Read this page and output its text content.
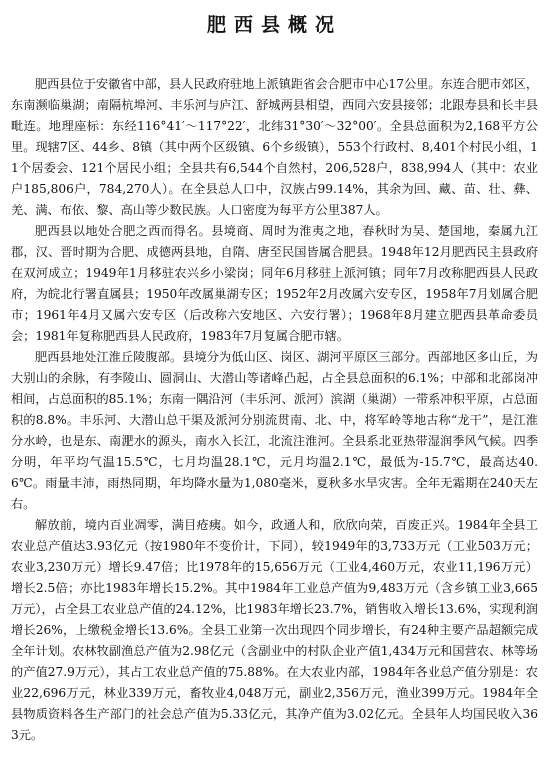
肥西县概况

肥西县位于安徽省中部，县人民政府驻地上派镇距省会合肥市中心17公里。东连合肥市郊区，东南濒临巢湖；南隔杭埠河、丰乐河与庐江、舒城两县相望，西同六安县接邻；北跟寿县和长丰县毗连。地理座标：东经116°41′～117°22′，北纬31°30′～32°00′。全县总面积为2,168平方公里。现辖7区、44乡、8镇（其中两个区级镇、6个乡级镇），553个行政村、8,401个村民小组，11个居委会、121个居民小组；全县共有6,544个自然村，206,528户，838,994人（其中：农业户185,806户，784,270人）。在全县总人口中，汉族占99.14%，其余为回、藏、苗、壮、彝、羌、满、布依、黎、高山等少数民族。人口密度为每平方公里387人。

肥西县以地处合肥之西而得名。县境商、周时为淮夷之地，春秋时为吴、楚国地，秦属九江郡，汉、晋时期为合肥、成德两县地，自隋、唐至民国皆属合肥县。1948年12月肥西民主县政府在双河成立；1949年1月移驻农兴乡小梁岗；同年6月移驻上派河镇；同年7月改称肥西县人民政府，为皖北行署直属县；1950年改属巢湖专区；1952年2月改属六安专区，1958年7月划属合肥市；1961年4月又属六安专区（后改称六安地区、六安行署）；1968年8月建立肥西县革命委员会；1981年复称肥西县人民政府，1983年7月复属合肥市辖。

肥西县地处江淮丘陵腹部。县境分为低山区、岗区、湖河平原区三部分。西部地区多山丘，为大别山的余脉，有李陵山、圆洞山、大潜山等诸峰凸起，占全县总面积的6.1%；中部和北部岗冲相间，占总面积的85.1%；东南一隅沿河（丰乐河、派河）滨湖（巢湖）一带系冲积平原，占总面积的8.8%。丰乐河、大潜山总干渠及派河分别流贯南、北、中，将军岭等地古称“龙干”，是江淮分水岭，也是东、南淝水的源头，南水入长江，北流注淮河。全县系北亚热带湿润季风气候。四季分明，年平均气温15.5℃，七月均温28.1℃，元月均温2.1℃，最低为-15.7℃，最高达40.6℃。雨量丰沛，雨热同期，年均降水量为1,080毫米，夏秋多水旱灾害。全年无霜期在240天左右。

解放前，境内百业凋零，满目疮痍。如今，政通人和，欣欣向荣，百废正兴。1984年全县工农业总产值达3.93亿元（按1980年不变价计，下同），较1949年的3,733万元（工业503万元；农业3,230万元）增长9.47倍；比1978年的15,656万元（工业4,460万元，农业11,196万元）增长2.5倍；亦比1983年增长15.2%。其中1984年工业总产值为9,483万元（含乡镇工业3,665万元），占全县工农业总产值的24.12%，比1983年增长23.7%，销售收入增长13.6%，实现利润增长26%，上缴税金增长13.6%。全县工业第一次出现四个同步增长，有24种主要产品超额完成全年计划。农林牧副渔总产值为2.98亿元（含副业中的村队企业产值1,434万元和国营农、林等场的产值27.9万元），其占工农业总产值的75.88%。在大农业内部，1984年各业总产值分别是：农业22,696万元，林业339万元，畜牧业4,048万元，副业2,356万元，渔业399万元。1984年全县物质资料各生产部门的社会总产值为5.33亿元，其净产值为3.02亿元。全县年人均国民收入363元。
